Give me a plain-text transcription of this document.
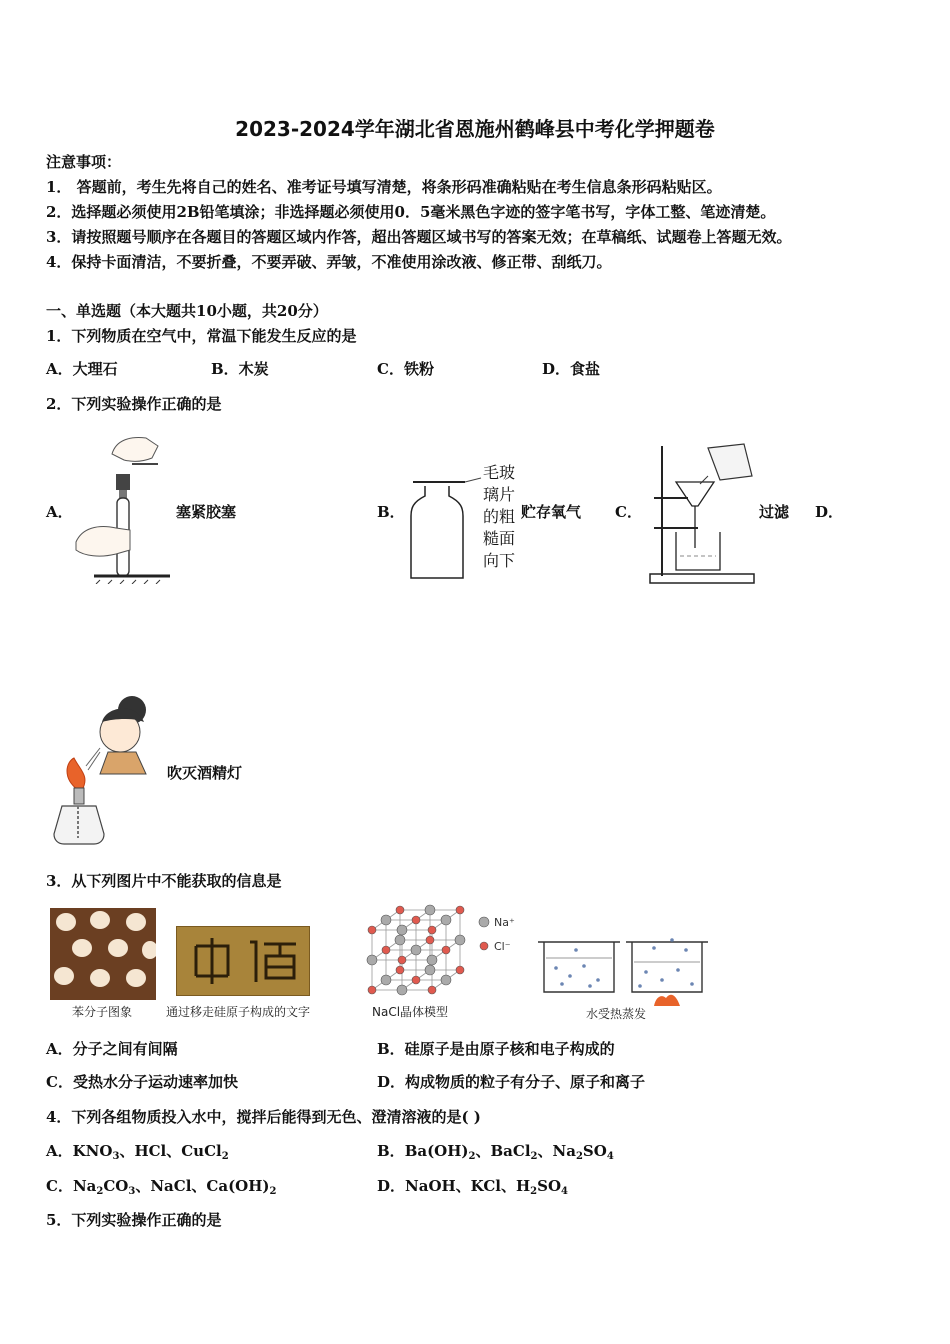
2023-2024学年湖北省恩施州鹤峰县中考化学押题卷
注意事项：
1． 答题前，考生先将自己的姓名、准考证号填写清楚，将条形码准确粘贴在考生信息条形码粘贴区。
2．选择题必须使用2B铅笔填涂；非选择题必须使用0．5毫米黑色字迹的签字笔书写，字体工整、笔迹清楚。
3．请按照题号顺序在各题目的答题区域内作答，超出答题区域书写的答案无效；在草稿纸、试题卷上答题无效。
4．保持卡面清洁，不要折叠，不要弄破、弄皱，不准使用涂改液、修正带、刮纸刀。
一、单选题（本大题共10小题，共20分）
1．下列物质在空气中，常温下能发生反应的是
A．大理石	B．木炭	C．铁粉	D．食盐
2．下列实验操作正确的是
A．	塞紧胶塞	B．
毛玻璃片的粗糙面向下
贮存氧气 C．	过滤 D．
吹灭酒精灯
3．从下列图片中不能获取的信息是
苯分子图象	通过移走硅原子构成的文字
Na⁺
Cl⁻
NaCl晶体模型	水受热蒸发
A．分子之间有间隔	B．硅原子是由原子核和电子构成的
C．受热水分子运动速率加快	D．构成物质的粒子有分子、原子和离子
4．下列各组物质投入水中，搅拌后能得到无色、澄清溶液的是( )
A．$KNO_3$、HCl、CuCl$_2$	B．$Ba(OH)_2$、BaCl$_2$、$Na_2SO_4$
C．$Na_2CO_3$、NaCl、$Ca(OH)_2$	D．NaOH、KCl、$H_2SO_4$
5．下列实验操作正确的是
